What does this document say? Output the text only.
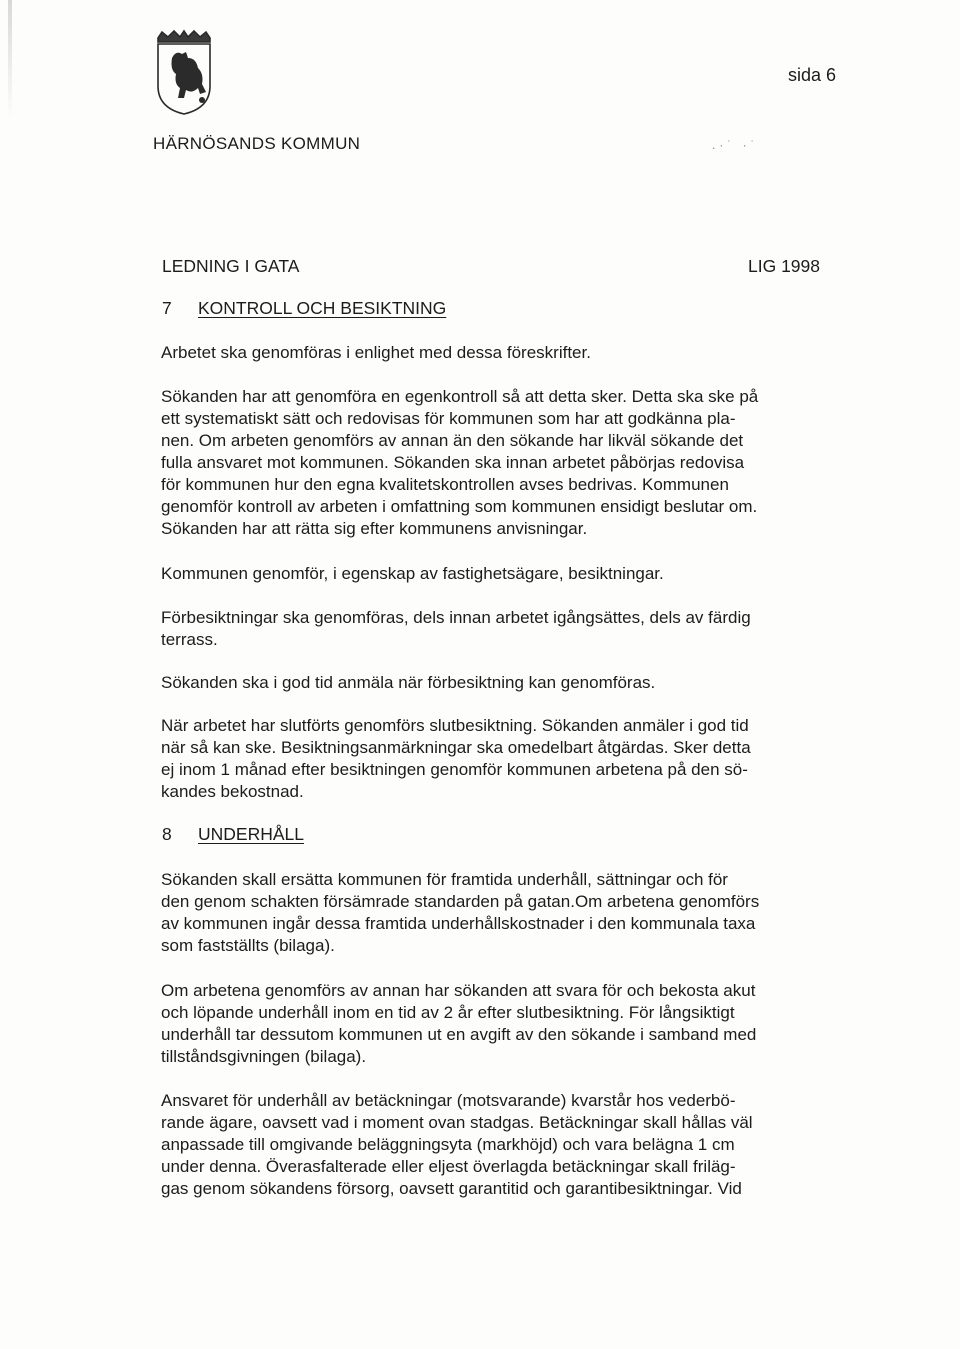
sida 6
HÄRNÖSANDS KOMMUN	.·˙ ·˙
LEDNING I GATA	LIG 1998
7 KONTROLL OCH BESIKTNING

Arbetet ska genomföras i enlighet med dessa föreskrifter.

Sökanden har att genomföra en egenkontroll så att detta sker. Detta ska ske på
ett systematiskt sätt och redovisas för kommunen som har att godkänna pla-
nen. Om arbeten genomförs av annan än den sökande har likväl sökande det
fulla ansvaret mot kommunen. Sökanden ska innan arbetet påbörjas redovisa
för kommunen hur den egna kvalitetskontrollen avses bedrivas. Kommunen
genomför kontroll av arbeten i omfattning som kommunen ensidigt beslutar om.
Sökanden har att rätta sig efter kommunens anvisningar.

Kommunen genomför, i egenskap av fastighetsägare, besiktningar.

Förbesiktningar ska genomföras, dels innan arbetet igångsättes, dels av färdig
terrass.

Sökanden ska i god tid anmäla när förbesiktning kan genomföras.

När arbetet har slutförts genomförs slutbesiktning. Sökanden anmäler i god tid
när så kan ske. Besiktningsanmärkningar ska omedelbart åtgärdas. Sker detta
ej inom 1 månad efter besiktningen genomför kommunen arbetena på den sö-
kandes bekostnad.

8 UNDERHÅLL

Sökanden skall ersätta kommunen för framtida underhåll, sättningar och för
den genom schakten försämrade standarden på gatan.Om arbetena genomförs
av kommunen ingår dessa framtida underhållskostnader i den kommunala taxa
som fastställts (bilaga).

Om arbetena genomförs av annan har sökanden att svara för och bekosta akut
och löpande underhåll inom en tid av 2 år efter slutbesiktning. För långsiktigt
underhåll tar dessutom kommunen ut en avgift av den sökande i samband med
tillståndsgivningen (bilaga).

Ansvaret för underhåll av betäckningar (motsvarande) kvarstår hos vederbö-
rande ägare, oavsett vad i moment ovan stadgas. Betäckningar skall hållas väl
anpassade till omgivande beläggningsyta (markhöjd) och vara belägna 1 cm
under denna. Överasfalterade eller eljest överlagda betäckningar skall friläg-
gas genom sökandens försorg, oavsett garantitid och garantibesiktningar. Vid
